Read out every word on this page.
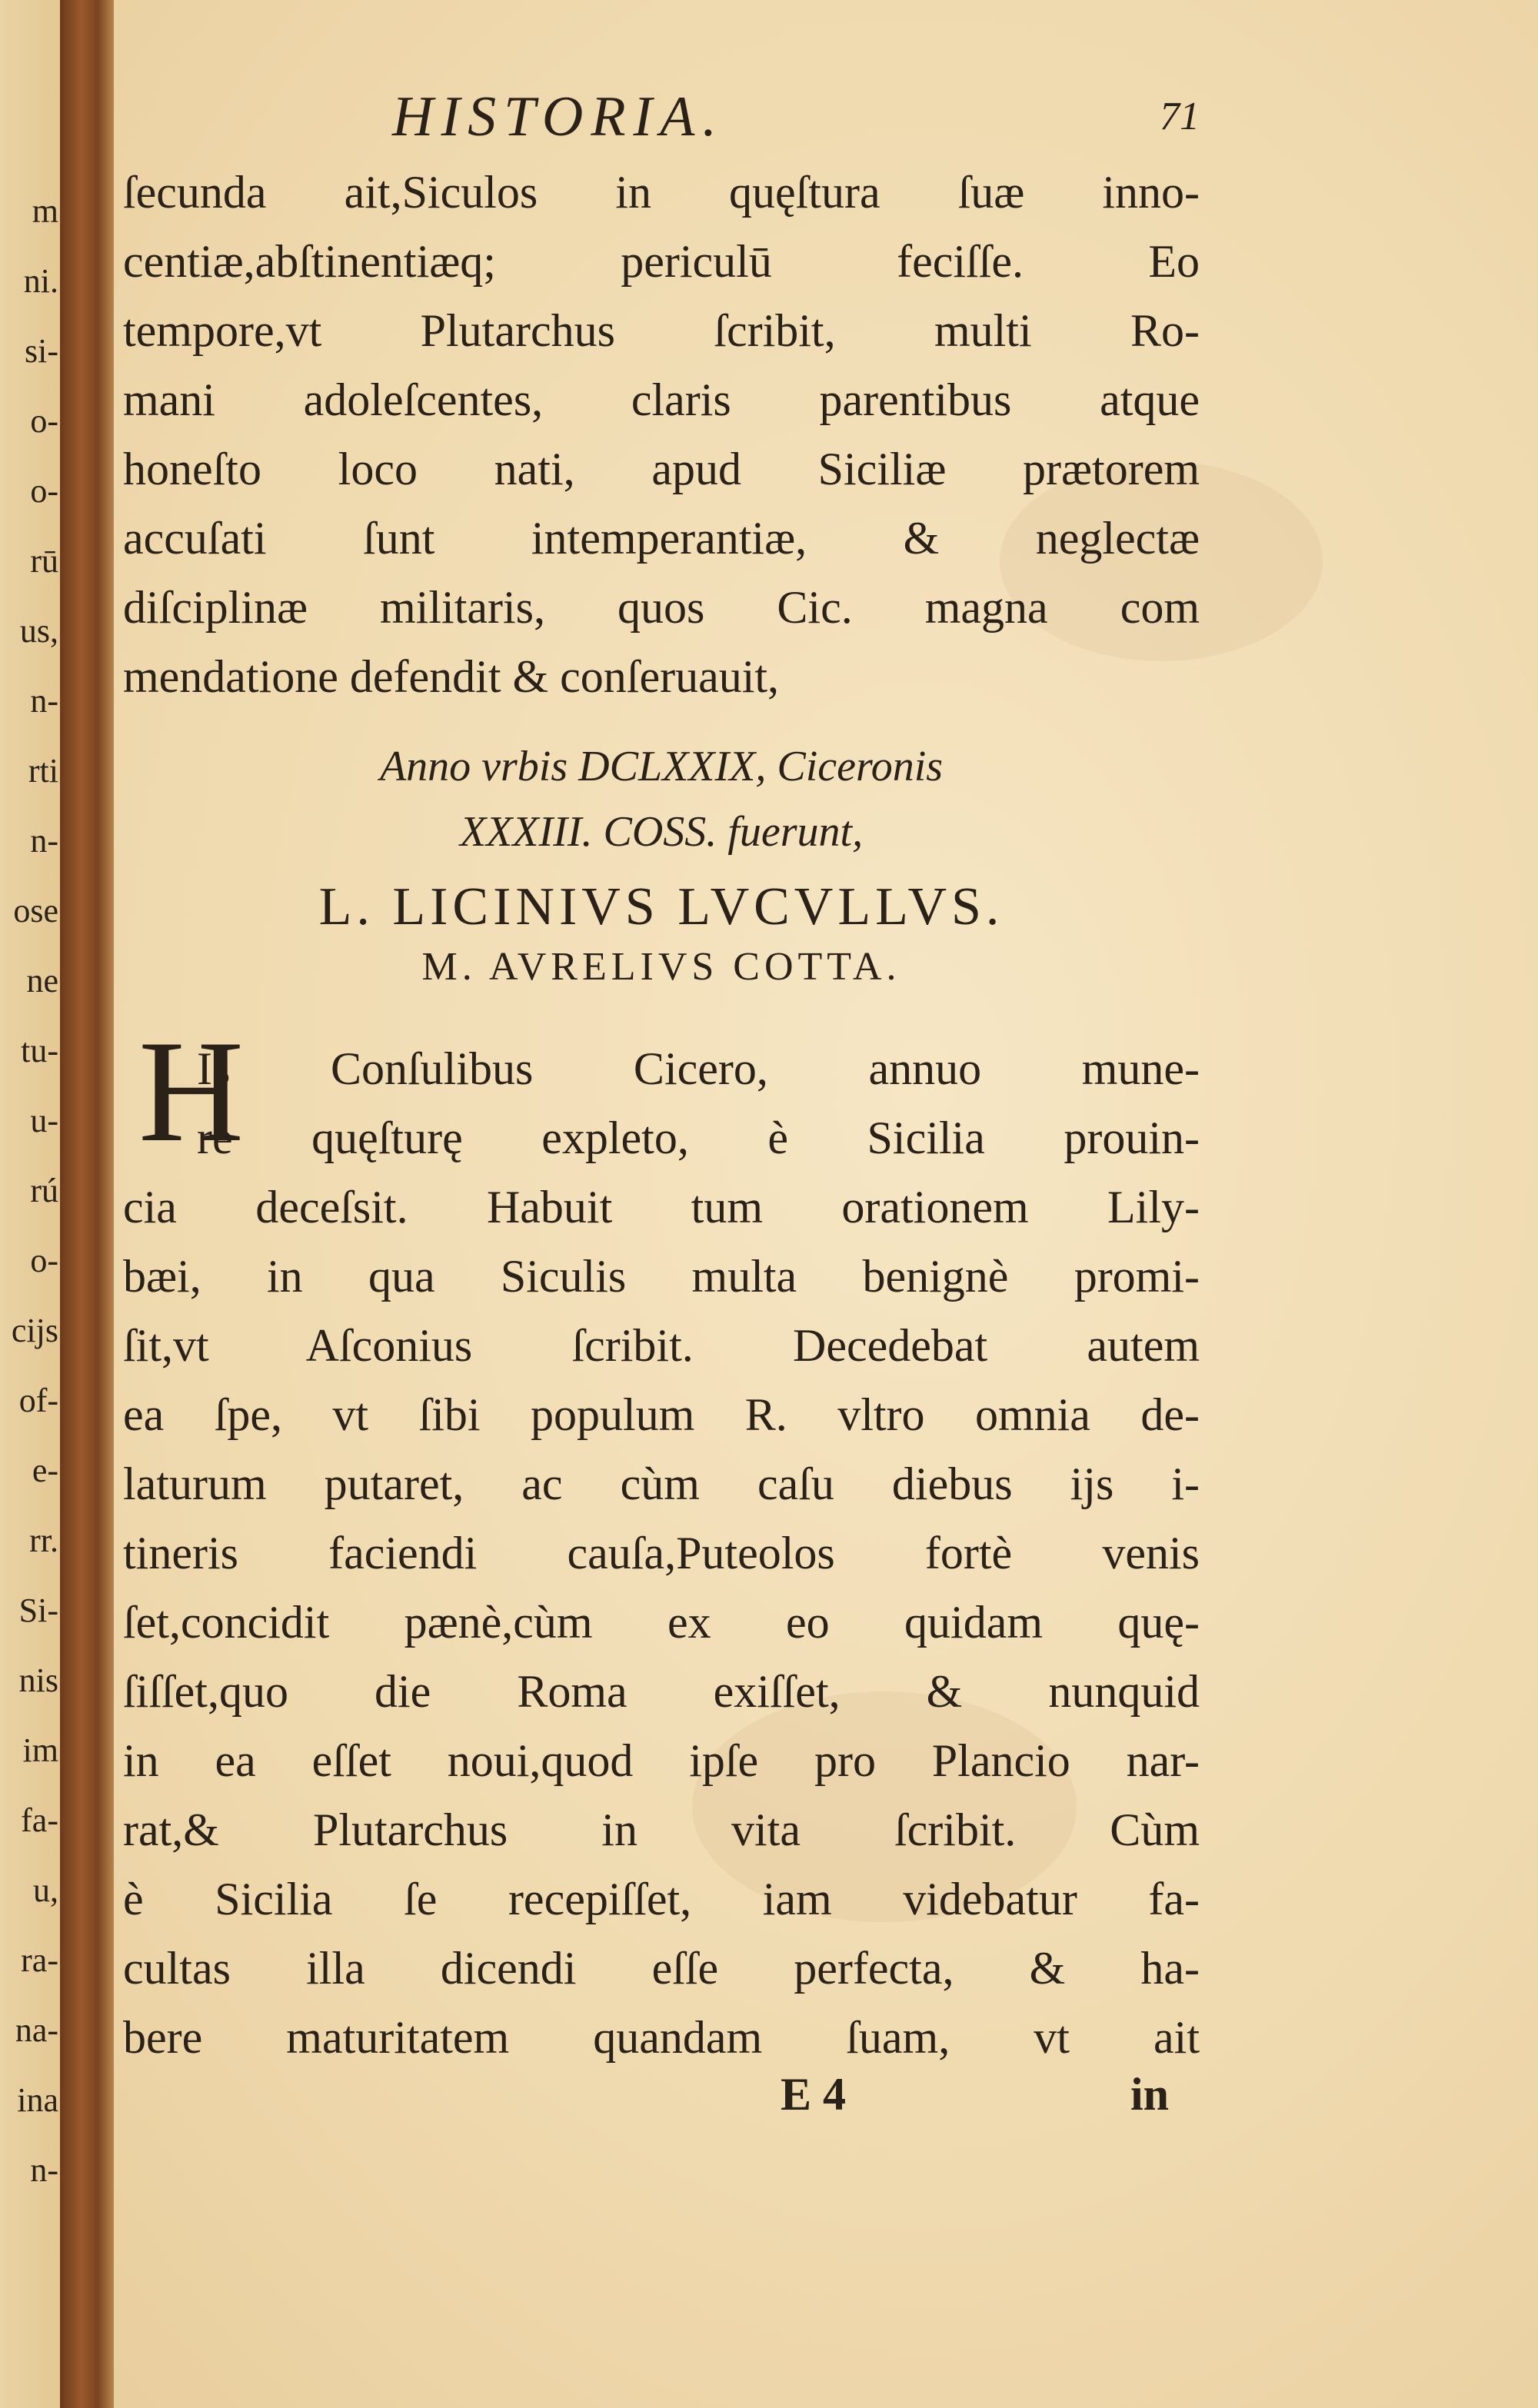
m
ni.
si-
o-
o-
rū
us,
n-
rti
n-
ose
ne
tu-
u-
rú
o-
cijs
of-
e-
rr.
Si-
nis
im
fa-
u,
ra-
na-
ina
n-
HISTORIA.	71
ſecunda ait,Siculos in quęſtura ſuæ inno-
centiæ,abſtinentiæq; periculū feciſſe. Eo
tempore,vt Plutarchus ſcribit, multi Ro-
mani adoleſcentes, claris parentibus atque
honeſto loco nati, apud Siciliæ prætorem
accuſati ſunt intemperantiæ, & neglectæ
diſciplinæ militaris, quos Cic. magna com
mendatione defendit & conſeruauit,
Anno vrbis DCLXXIX, Ciceronis
XXXIII. COSS. fuerunt,
L. LICINIVS LVCVLLVS.
M. AVRELIVS COTTA.
H
Is Conſulibus Cicero, annuo mune-
re quęſturę expleto, è Sicilia prouin-
cia deceſsit. Habuit tum orationem Lily-
bæi, in qua Siculis multa benignè promi-
ſit,vt Aſconius ſcribit. Decedebat autem
ea ſpe, vt ſibi populum R. vltro omnia de-
laturum putaret, ac cùm caſu diebus ijs i-
tineris faciendi cauſa,Puteolos fortè venis
ſet,concidit pænè,cùm ex eo quidam quę-
ſiſſet,quo die Roma exiſſet, & nunquid
in ea eſſet noui,quod ipſe pro Plancio nar-
rat,& Plutarchus in vita ſcribit. Cùm
è Sicilia ſe recepiſſet, iam videbatur fa-
cultas illa dicendi eſſe perfecta, & ha-
bere maturitatem quandam ſuam, vt ait
E 4	in
